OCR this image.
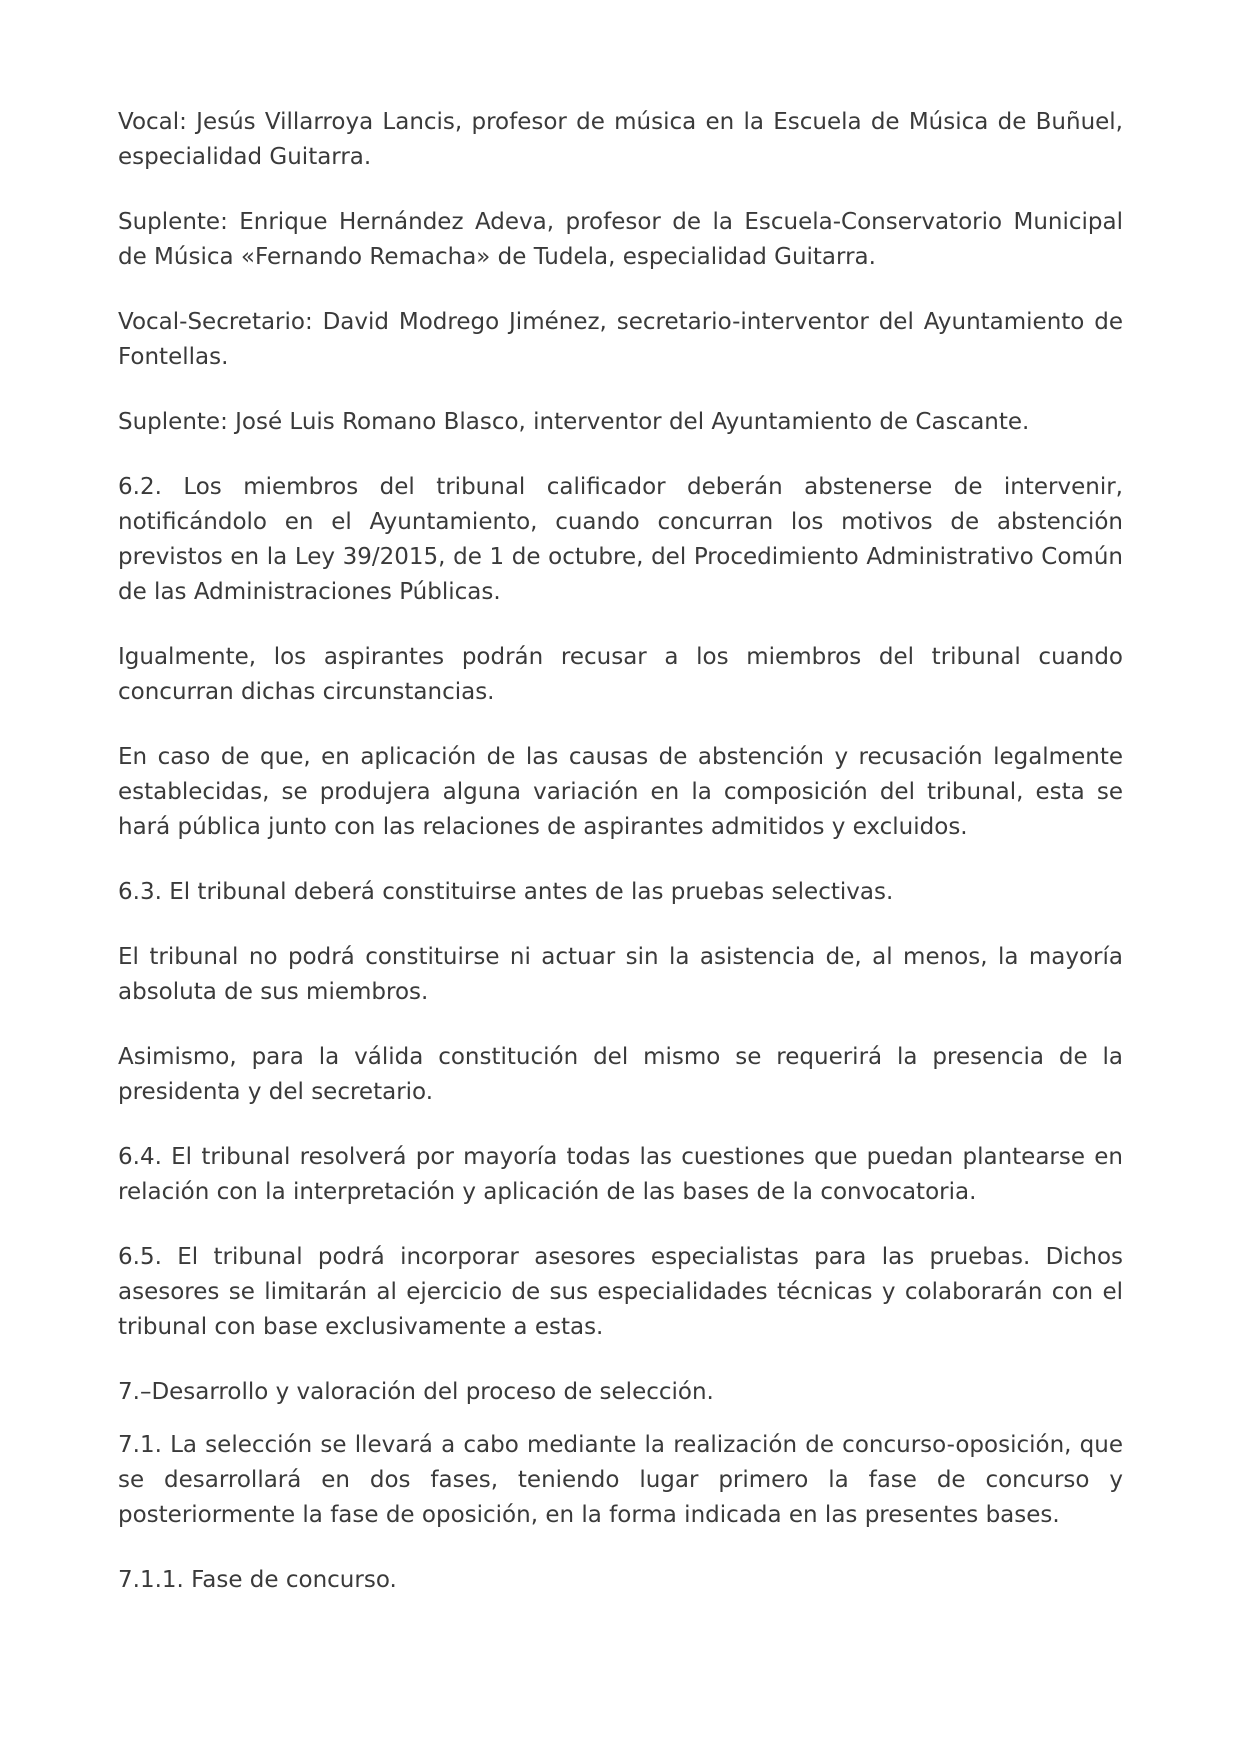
Vocal: Jesús Villarroya Lancis, profesor de música en la Escuela de Música de Buñuel, especialidad Guitarra.

Suplente: Enrique Hernández Adeva, profesor de la Escuela-Conservatorio Municipal de Música «Fernando Remacha» de Tudela, especialidad Guitarra.

Vocal-Secretario: David Modrego Jiménez, secretario-interventor del Ayuntamiento de Fontellas.

Suplente: José Luis Romano Blasco, interventor del Ayuntamiento de Cascante.

6.2. Los miembros del tribunal calificador deberán abstenerse de intervenir, notificándolo en el Ayuntamiento, cuando concurran los motivos de abstención previstos en la Ley 39/2015, de 1 de octubre, del Procedimiento Administrativo Común de las Administraciones Públicas.

Igualmente, los aspirantes podrán recusar a los miembros del tribunal cuando concurran dichas circunstancias.

En caso de que, en aplicación de las causas de abstención y recusación legalmente establecidas, se produjera alguna variación en la composición del tribunal, esta se hará pública junto con las relaciones de aspirantes admitidos y excluidos.

6.3. El tribunal deberá constituirse antes de las pruebas selectivas.

El tribunal no podrá constituirse ni actuar sin la asistencia de, al menos, la mayoría absoluta de sus miembros.

Asimismo, para la válida constitución del mismo se requerirá la presencia de la presidenta y del secretario.

6.4. El tribunal resolverá por mayoría todas las cuestiones que puedan plantearse en relación con la interpretación y aplicación de las bases de la convocatoria.

6.5. El tribunal podrá incorporar asesores especialistas para las pruebas. Dichos asesores se limitarán al ejercicio de sus especialidades técnicas y colaborarán con el tribunal con base exclusivamente a estas.

7.–Desarrollo y valoración del proceso de selección.

7.1. La selección se llevará a cabo mediante la realización de concurso-oposición, que se desarrollará en dos fases, teniendo lugar primero la fase de concurso y posteriormente la fase de oposición, en la forma indicada en las presentes bases.

7.1.1. Fase de concurso.
